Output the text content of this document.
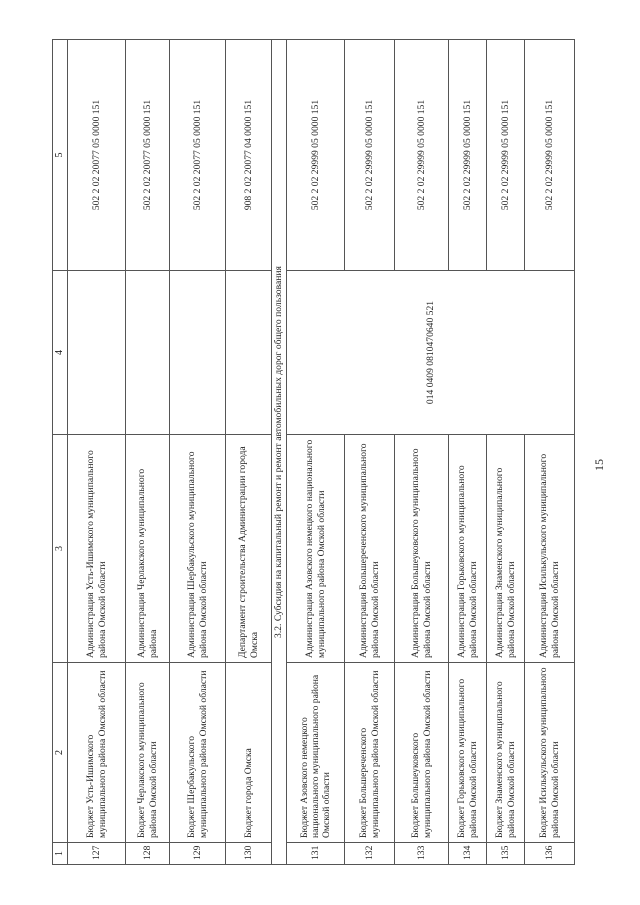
15
1	2	3	4	5
127	Бюджет Усть-Ишимского муниципального района Омской области	Администрация Усть-Ишимского муниципального района Омской области		502 2 02 20077 05 0000 151
128	Бюджет Черлакского муниципального района Омской области	Администрация Черлакского муниципального района		502 2 02 20077 05 0000 151
129	Бюджет Шербакульского муниципального района Омской области	Администрация Шербакульского муниципального района Омской области		502 2 02 20077 05 0000 151
130	Бюджет города Омска	Департамент строительства Администрации города Омска		908 2 02 20077 04 0000 151
3.2. Субсидия на капитальный ремонт и ремонт автомобильных дорог общего пользования				
131	Бюджет Азовского немецкого национального муниципального района Омской области	Администрация Азовского немецкого национального муниципального района Омской области	014 0409 0810470640 521	502 2 02 29999 05 0000 151
132	Бюджет Большереченского муниципального района Омской области	Администрация Большереченского муниципального района Омской области		502 2 02 29999 05 0000 151
133	Бюджет Большеуковского муниципального района Омской области	Администрация Большеуковского муниципального района Омской области		502 2 02 29999 05 0000 151
134	Бюджет Горьковского муниципального района Омской области	Администрация Горьковского муниципального района Омской области		502 2 02 29999 05 0000 151
135	Бюджет Знаменского муниципального района Омской области	Администрация Знаменского муниципального района Омской области		502 2 02 29999 05 0000 151
136	Бюджет Исилькульского муниципального района Омской области	Администрация Исилькульского муниципального района Омской области		502 2 02 29999 05 0000 151
